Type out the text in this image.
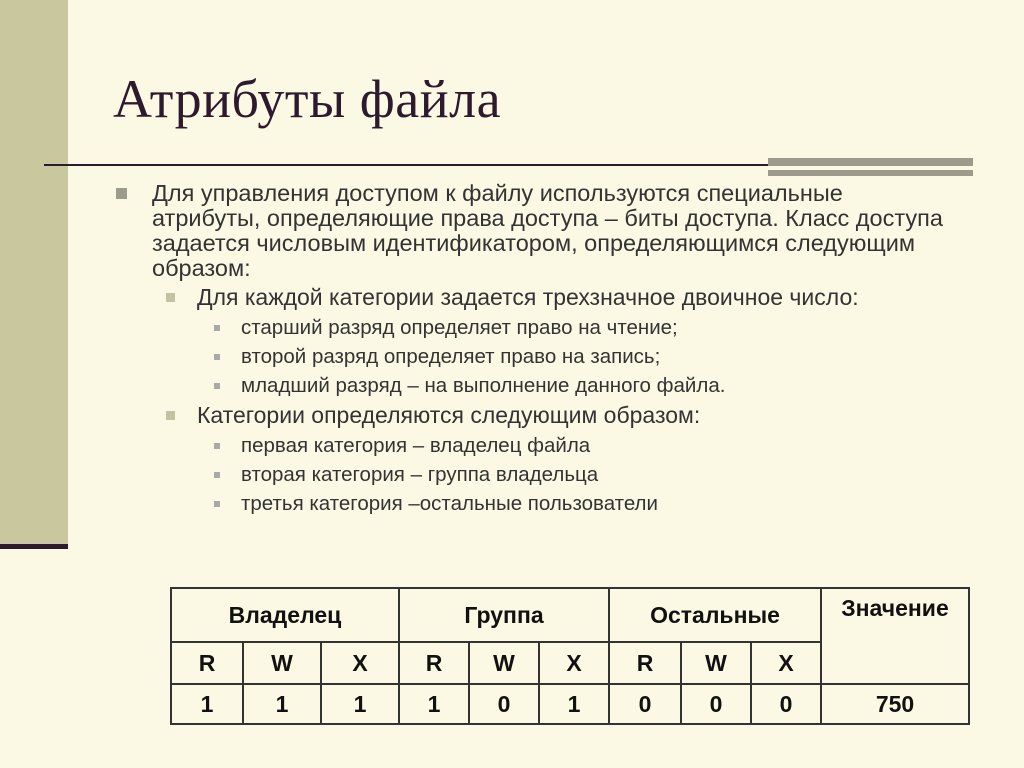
Атрибуты файла
Для управления доступом к файлу используются специальные атрибуты, определяющие права доступа – биты доступа. Класс доступа задается числовым идентификатором, определяющимся следующим образом:
Для каждой категории задается трехзначное двоичное число:
старший разряд определяет право на чтение;
второй разряд определяет право на запись;
младший разряд – на выполнение данного файла.
Категории определяются следующим образом:
первая категория – владелец файла
вторая категория – группа владельца
третья категория –остальные пользователи
Владелец			Группа			Остальные			Значение
R	W	X	R	W	X	R	W	X	
1	1	1	1	0	1	0	0	0	750
